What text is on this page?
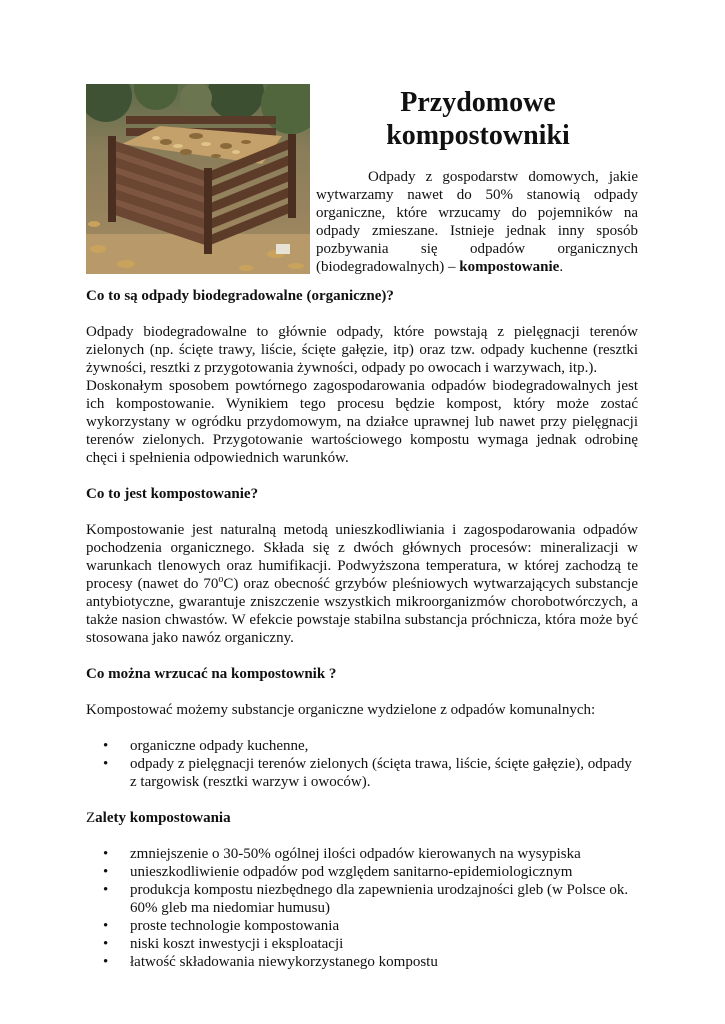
Przydomowe kompostowniki

Odpady z gospodarstw domowych, jakie wytwarzamy nawet do 50% stanowią odpady organiczne, które wrzucamy do pojemników na odpady zmieszane. Istnieje jednak inny sposób pozbywania się odpadów organicznych (biodegradowalnych) – kompostowanie.

Co to są odpady biodegradowalne (organiczne)?

Odpady biodegradowalne to głównie odpady, które powstają z pielęgnacji terenów zielonych (np. ścięte trawy, liście, ścięte gałęzie, itp) oraz tzw. odpady kuchenne (resztki żywności, resztki z przygotowania żywności, odpady po owocach i warzywach, itp.).

Doskonałym sposobem powtórnego zagospodarowania odpadów biodegradowalnych jest ich kompostowanie. Wynikiem tego procesu będzie kompost, który może zostać wykorzystany w ogródku przydomowym, na działce uprawnej lub nawet przy pielęgnacji terenów zielonych. Przygotowanie wartościowego kompostu wymaga jednak odrobinę chęci i spełnienia odpowiednich warunków.

Co to jest kompostowanie?

Kompostowanie jest naturalną metodą unieszkodliwiania i zagospodarowania odpadów pochodzenia organicznego. Składa się z dwóch głównych procesów: mineralizacji w warunkach tlenowych oraz humifikacji. Podwyższona temperatura, w której zachodzą te procesy (nawet do 70$^o$C) oraz obecność grzybów pleśniowych wytwarzających substancje antybiotyczne, gwarantuje zniszczenie wszystkich mikroorganizmów chorobotwórczych, a także nasion chwastów. W efekcie powstaje stabilna substancja próchnicza, która może być stosowana jako nawóz organiczny.

Co można wrzucać na kompostownik ?

Kompostować możemy substancje organiczne wydzielone z odpadów komunalnych:

• organiczne odpady kuchenne,
• odpady z pielęgnacji terenów zielonych (ścięta trawa, liście, ścięte gałęzie), odpady z targowisk (resztki warzyw i owoców).
Zalety kompostowania
• zmniejszenie o 30-50% ogólnej ilości odpadów kierowanych na wysypiska
• unieszkodliwienie odpadów pod względem sanitarno-epidemiologicznym
• produkcja kompostu niezbędnego dla zapewnienia urodzajności gleb (w Polsce ok. 60% gleb ma niedomiar humusu)
• proste technologie kompostowania
• niski koszt inwestycji i eksploatacji
• łatwość składowania niewykorzystanego kompostu
